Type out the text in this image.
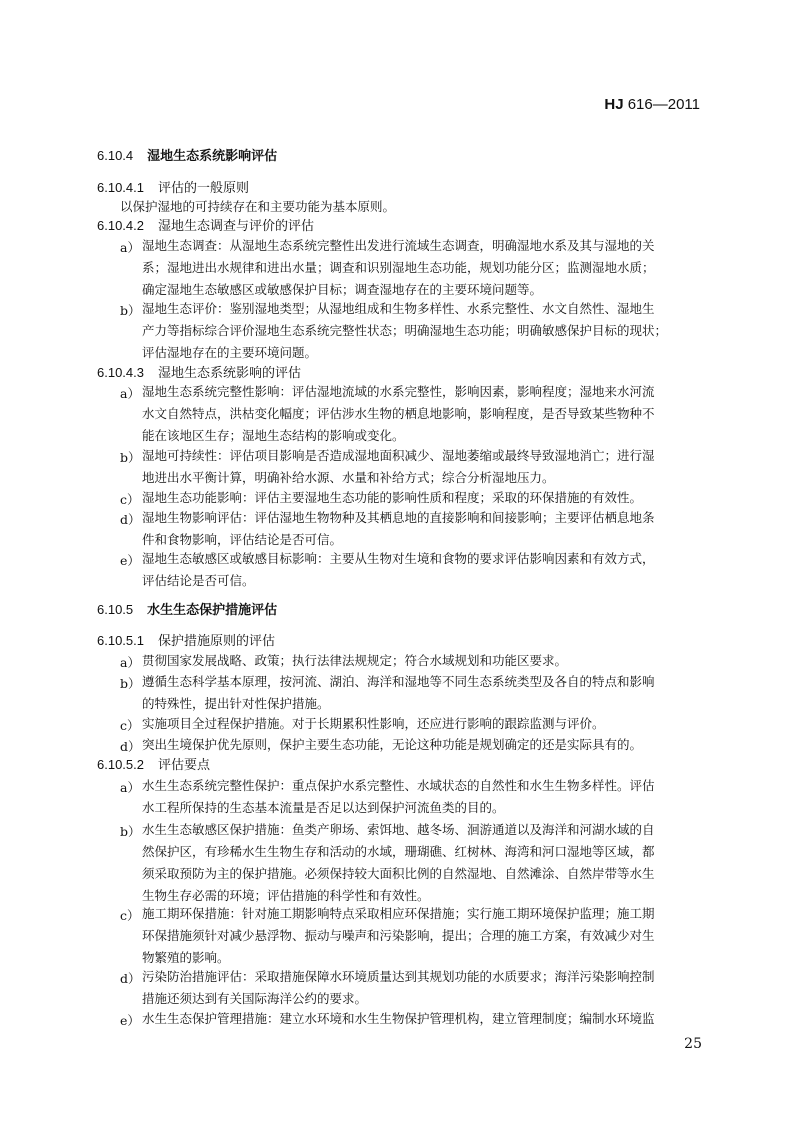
HJ 616—2011
6.10.4 湿地生态系统影响评估
6.10.4.1 评估的一般原则
以保护湿地的可持续存在和主要功能为基本原则。
6.10.4.2 湿地生态调查与评价的评估
a） 湿地生态调查：从湿地生态系统完整性出发进行流域生态调查，明确湿地水系及其与湿地的关
系；湿地进出水规律和进出水量；调查和识别湿地生态功能，规划功能分区；监测湿地水质；
确定湿地生态敏感区或敏感保护目标；调查湿地存在的主要环境问题等。
b） 湿地生态评价：鉴别湿地类型；从湿地组成和生物多样性、水系完整性、水文自然性、湿地生
产力等指标综合评价湿地生态系统完整性状态；明确湿地生态功能；明确敏感保护目标的现状；
评估湿地存在的主要环境问题。
6.10.4.3 湿地生态系统影响的评估
a） 湿地生态系统完整性影响：评估湿地流域的水系完整性，影响因素，影响程度；湿地来水河流
水文自然特点，洪枯变化幅度；评估涉水生物的栖息地影响，影响程度，是否导致某些物种不
能在该地区生存；湿地生态结构的影响或变化。
b） 湿地可持续性：评估项目影响是否造成湿地面积减少、湿地萎缩或最终导致湿地消亡；进行湿
地进出水平衡计算，明确补给水源、水量和补给方式；综合分析湿地压力。
c） 湿地生态功能影响：评估主要湿地生态功能的影响性质和程度；采取的环保措施的有效性。
d） 湿地生物影响评估：评估湿地生物物种及其栖息地的直接影响和间接影响；主要评估栖息地条
件和食物影响，评估结论是否可信。
e） 湿地生态敏感区或敏感目标影响：主要从生物对生境和食物的要求评估影响因素和有效方式，
评估结论是否可信。
6.10.5 水生生态保护措施评估
6.10.5.1 保护措施原则的评估
a） 贯彻国家发展战略、政策；执行法律法规规定；符合水域规划和功能区要求。
b） 遵循生态科学基本原理，按河流、湖泊、海洋和湿地等不同生态系统类型及各自的特点和影响
的特殊性，提出针对性保护措施。
c） 实施项目全过程保护措施。对于长期累积性影响，还应进行影响的跟踪监测与评价。
d） 突出生境保护优先原则，保护主要生态功能，无论这种功能是规划确定的还是实际具有的。
6.10.5.2 评估要点
a） 水生生态系统完整性保护：重点保护水系完整性、水域状态的自然性和水生生物多样性。评估
水工程所保持的生态基本流量是否足以达到保护河流鱼类的目的。
b） 水生生态敏感区保护措施：鱼类产卵场、索饵地、越冬场、洄游通道以及海洋和河湖水域的自
然保护区，有珍稀水生生物生存和活动的水域，珊瑚礁、红树林、海湾和河口湿地等区域，都
须采取预防为主的保护措施。必须保持较大面积比例的自然湿地、自然滩涂、自然岸带等水生
生物生存必需的环境；评估措施的科学性和有效性。
c） 施工期环保措施：针对施工期影响特点采取相应环保措施；实行施工期环境保护监理；施工期
环保措施须针对减少悬浮物、振动与噪声和污染影响，提出；合理的施工方案，有效减少对生
物繁殖的影响。
d） 污染防治措施评估：采取措施保障水环境质量达到其规划功能的水质要求；海洋污染影响控制
措施还须达到有关国际海洋公约的要求。
e） 水生生态保护管理措施：建立水环境和水生生物保护管理机构，建立管理制度；编制水环境监
25
